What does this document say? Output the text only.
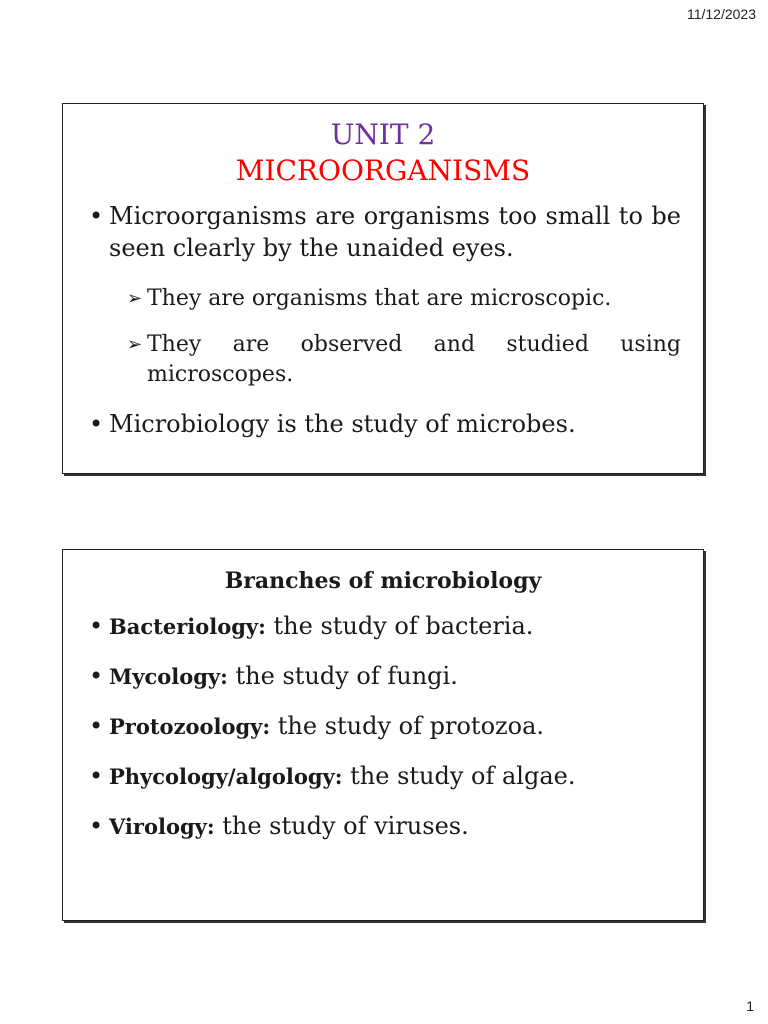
11/12/2023
UNIT 2
MICROORGANISMS
• Microorganisms are organisms too small to be seen clearly by the unaided eyes.
➢ They are organisms that are microscopic.
➢ They are observed and studied using microscopes.
• Microbiology is the study of microbes.
Branches of microbiology
• Bacteriology: the study of bacteria.
• Mycology: the study of fungi.
• Protozoology: the study of protozoa.
• Phycology/algology: the study of algae.
• Virology: the study of viruses.
1
